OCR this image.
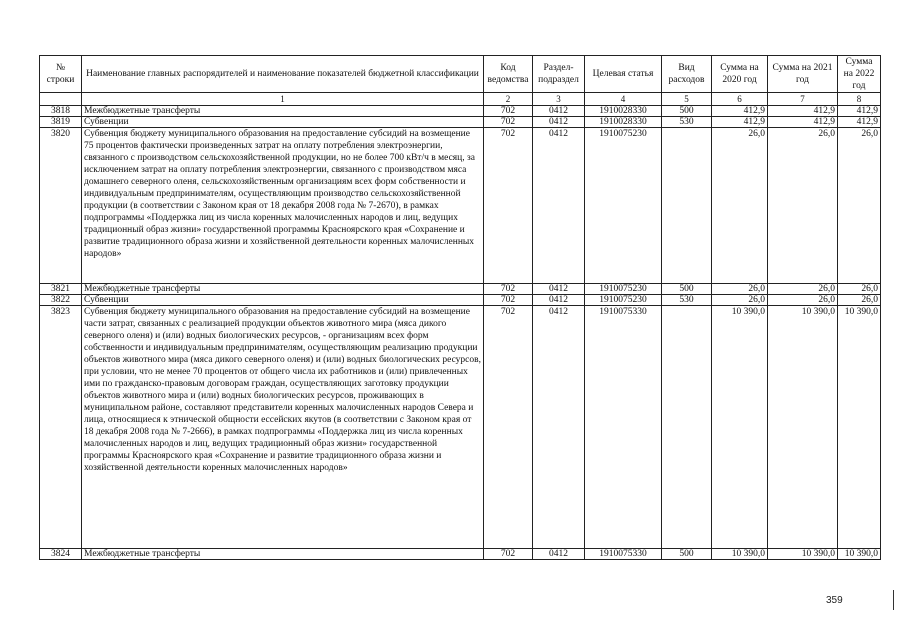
№ строки	Наименование главных распорядителей и наименование показателей бюджетной классификации	Код ведомства	Раздел-подраздел	Целевая статья	Вид расходов	Сумма на 2020 год	Сумма на 2021 год	Сумма на 2022 год
	1	2	3	4	5	6	7	8
3818	Межбюджетные трансферты	702	0412	1910028330	500	412,9	412,9	412,9
3819	Субвенции	702	0412	1910028330	530	412,9	412,9	412,9
3820	Субвенция бюджету муниципального образования на предоставление субсидий на возмещение 75 процентов фактически произведенных затрат на оплату потребления электроэнергии, связанного с производством сельскохозяйственной продукции, но не более 700 кВт/ч в месяц, за исключением затрат на оплату потребления электроэнергии, связанного с производством мяса домашнего северного оленя, сельскохозяйственным организациям всех форм собственности и индивидуальным предпринимателям, осуществляющим производство сельскохозяйственной продукции (в соответствии с Законом края от 18 декабря 2008 года № 7-2670), в рамках подпрограммы «Поддержка лиц из числа коренных малочисленных народов и лиц, ведущих традиционный образ жизни» государственной программы Красноярского края «Сохранение и развитие традиционного образа жизни и хозяйственной деятельности коренных малочисленных народов»	702	0412	1910075230		26,0	26,0	26,0
3821	Межбюджетные трансферты	702	0412	1910075230	500	26,0	26,0	26,0
3822	Субвенции	702	0412	1910075230	530	26,0	26,0	26,0
3823	Субвенция бюджету муниципального образования на предоставление субсидий на возмещение части затрат, связанных с реализацией продукции объектов животного мира (мяса дикого северного оленя) и (или) водных биологических ресурсов, - организациям всех форм собственности и индивидуальным предпринимателям, осуществляющим реализацию продукции объектов животного мира (мяса дикого северного оленя) и (или) водных биологических ресурсов, при условии, что не менее 70 процентов от общего числа их работников и (или) привлеченных ими по гражданско-правовым договорам граждан, осуществляющих заготовку продукции объектов животного мира и (или) водных биологических ресурсов, проживающих в муниципальном районе, составляют представители коренных малочисленных народов Севера и лица, относящиеся к этнической общности ессейских якутов (в соответствии с Законом края от 18 декабря 2008 года № 7-2666), в рамках подпрограммы «Поддержка лиц из числа коренных малочисленных народов и лиц, ведущих традиционный образ жизни» государственной программы Красноярского края «Сохранение и развитие традиционного образа жизни и хозяйственной деятельности коренных малочисленных народов»	702	0412	1910075330		10 390,0	10 390,0	10 390,0
3824	Межбюджетные трансферты	702	0412	1910075330	500	10 390,0	10 390,0	10 390,0
359
